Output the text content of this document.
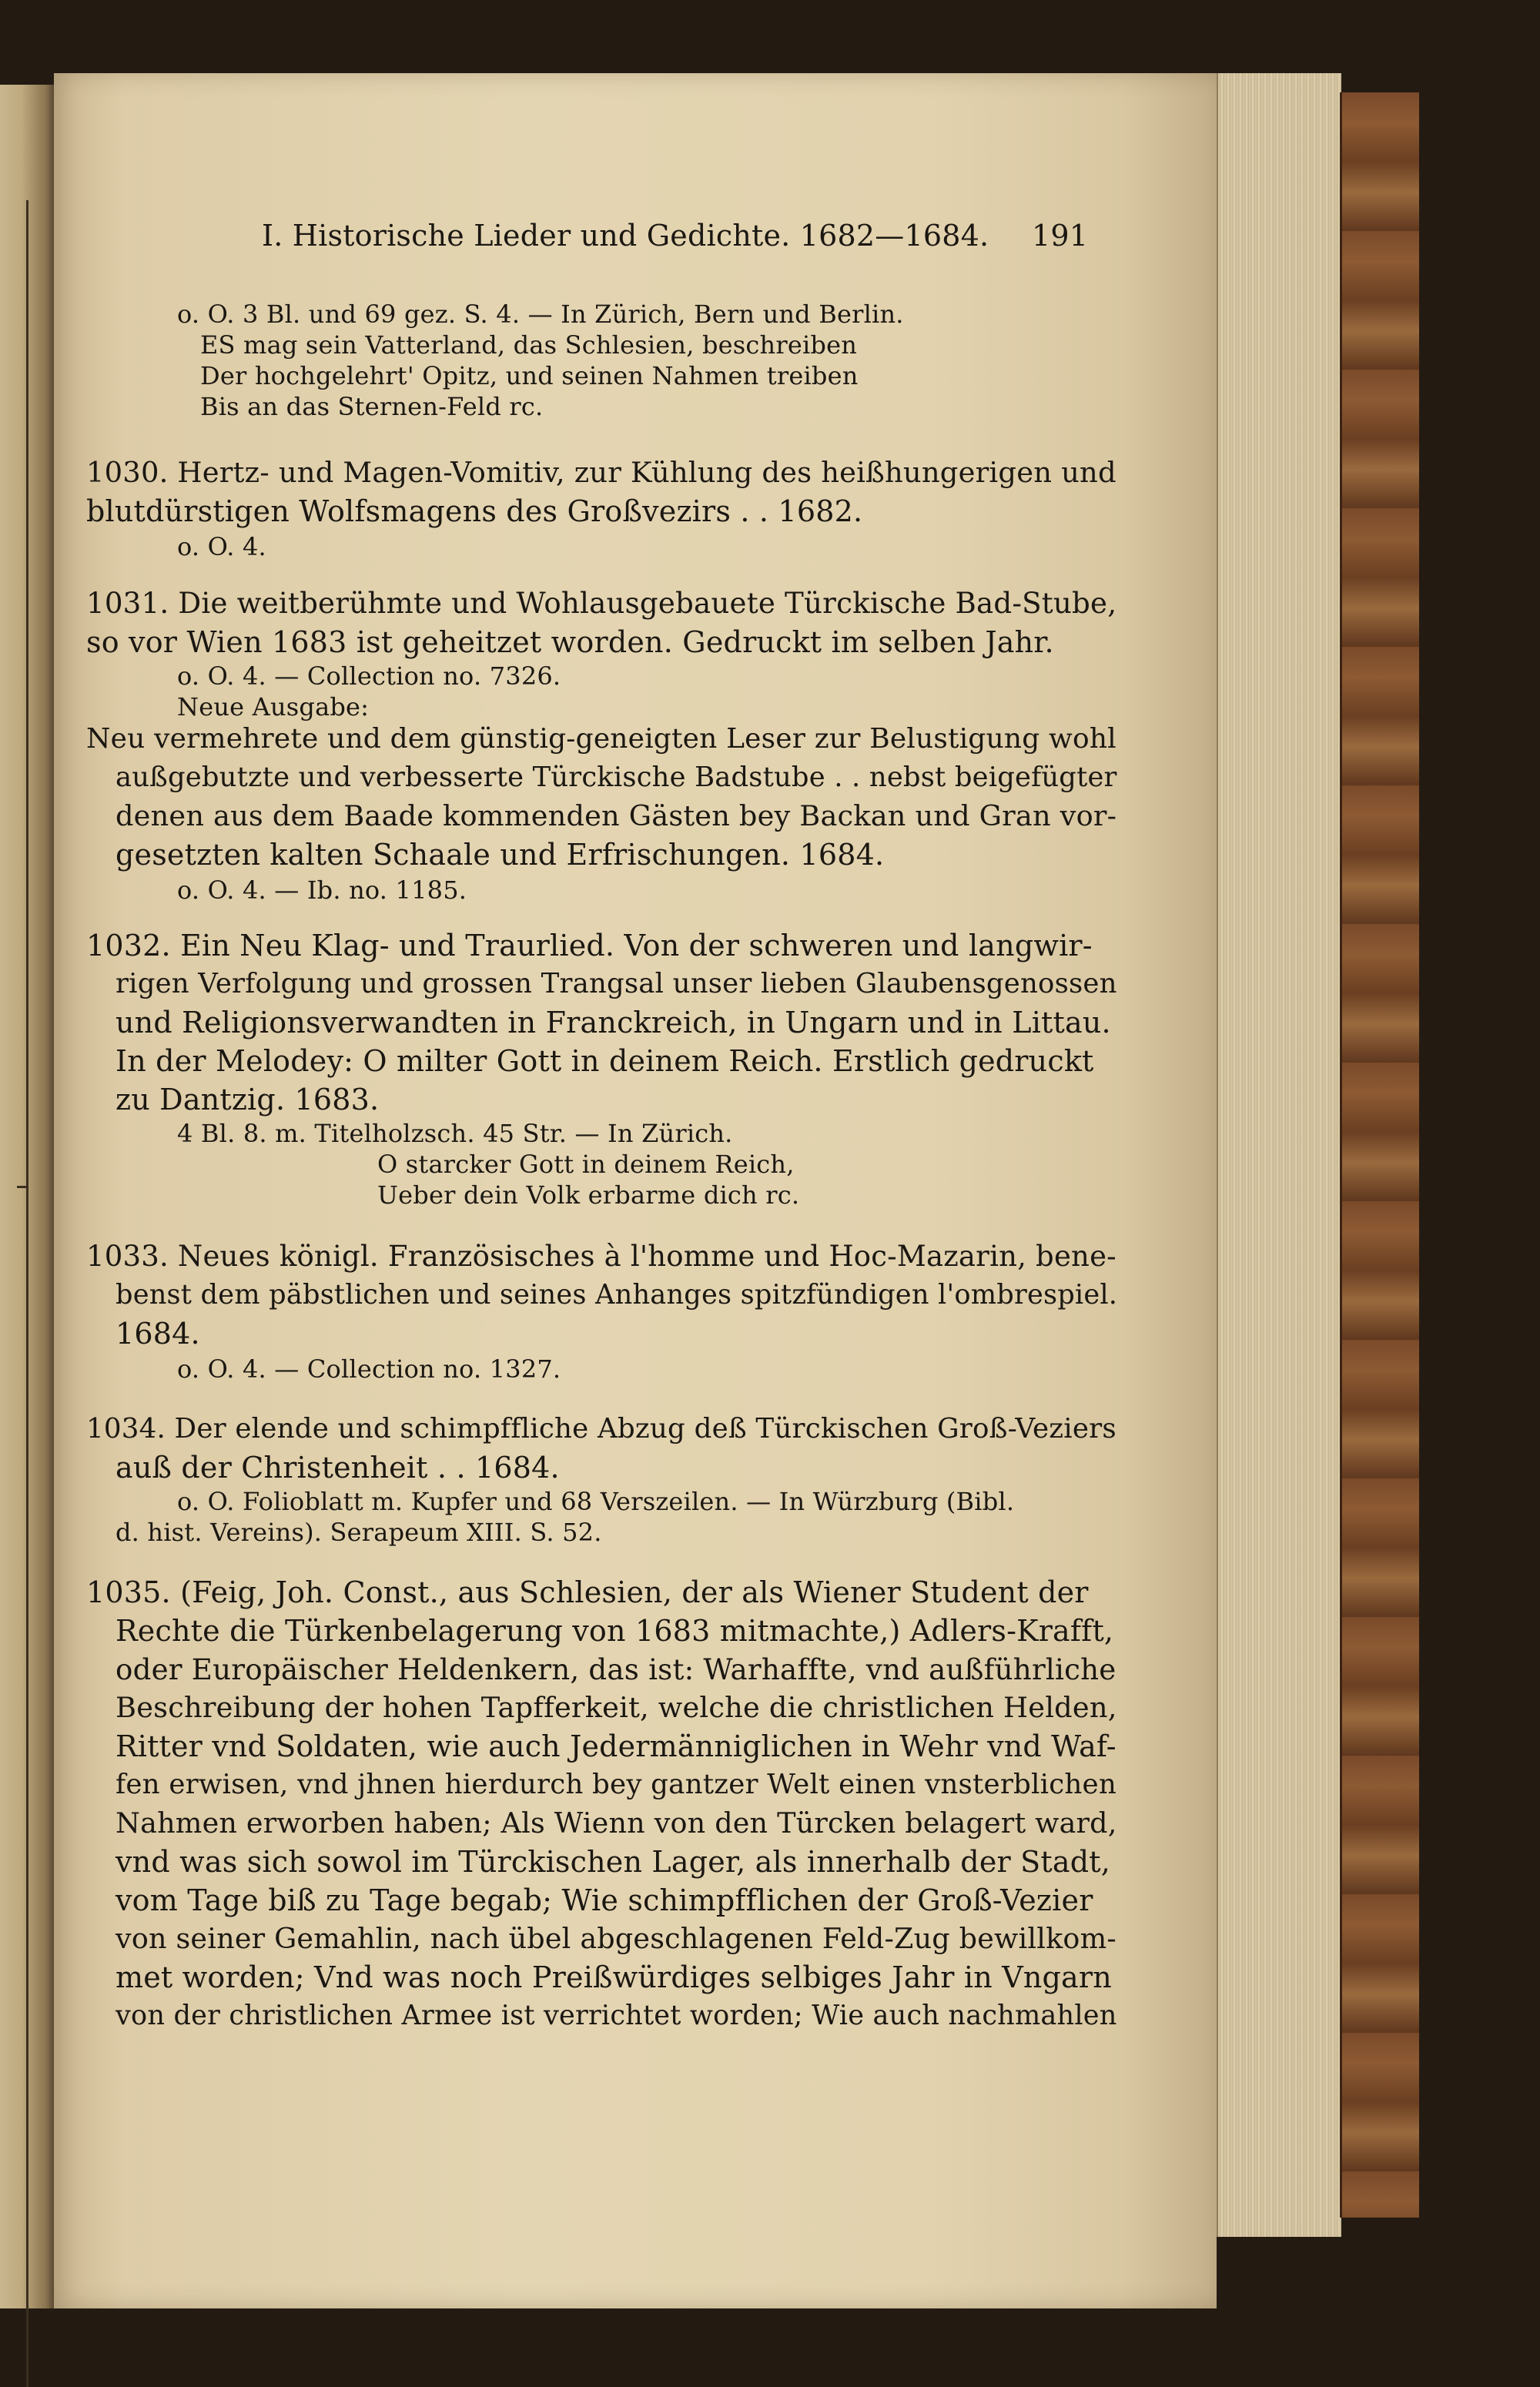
I. Historische Lieder und Gedichte. 1682—1684. 191

o. O. 3 Bl. und 69 gez. S. 4. — In Zürich, Bern und Berlin.

ES mag sein Vatterland, das Schlesien, beschreiben

Der hochgelehrt' Opitz, und seinen Nahmen treiben

Bis an das Sternen-Feld rc.

1030. Hertz- und Magen-Vomitiv, zur Kühlung des heißhungerigen und

blutdürstigen Wolfsmagens des Großvezirs . . 1682.

o. O. 4.

1031. Die weitberühmte und Wohlausgebauete Türckische Bad-Stube,

so vor Wien 1683 ist geheitzet worden. Gedruckt im selben Jahr.

o. O. 4. — Collection no. 7326.

Neue Ausgabe:

Neu vermehrete und dem günstig-geneigten Leser zur Belustigung wohl

außgebutzte und verbesserte Türckische Badstube . . nebst beigefügter

denen aus dem Baade kommenden Gästen bey Backan und Gran vor-

gesetzten kalten Schaale und Erfrischungen. 1684.

o. O. 4. — Ib. no. 1185.

1032. Ein Neu Klag- und Traurlied. Von der schweren und langwir-

rigen Verfolgung und grossen Trangsal unser lieben Glaubensgenossen

und Religionsverwandten in Franckreich, in Ungarn und in Littau.

In der Melodey: O milter Gott in deinem Reich. Erstlich gedruckt

zu Dantzig. 1683.

4 Bl. 8. m. Titelholzsch. 45 Str. — In Zürich.

O starcker Gott in deinem Reich,

Ueber dein Volk erbarme dich rc.

1033. Neues königl. Französisches à l'homme und Hoc-Mazarin, bene-

benst dem päbstlichen und seines Anhanges spitzfündigen l'ombrespiel.

1684.

o. O. 4. — Collection no. 1327.

1034. Der elende und schimpffliche Abzug deß Türckischen Groß-Veziers

auß der Christenheit . . 1684.

o. O. Folioblatt m. Kupfer und 68 Verszeilen. — In Würzburg (Bibl.

d. hist. Vereins). Serapeum XIII. S. 52.

1035. (Feig, Joh. Const., aus Schlesien, der als Wiener Student der

Rechte die Türkenbelagerung von 1683 mitmachte,) Adlers-Krafft,

oder Europäischer Heldenkern, das ist: Warhaffte, vnd außführliche

Beschreibung der hohen Tapfferkeit, welche die christlichen Helden,

Ritter vnd Soldaten, wie auch Jedermänniglichen in Wehr vnd Waf-

fen erwisen, vnd jhnen hierdurch bey gantzer Welt einen vnsterblichen

Nahmen erworben haben; Als Wienn von den Türcken belagert ward,

vnd was sich sowol im Türckischen Lager, als innerhalb der Stadt,

vom Tage biß zu Tage begab; Wie schimpfflichen der Groß-Vezier

von seiner Gemahlin, nach übel abgeschlagenen Feld-Zug bewillkom-

met worden; Vnd was noch Preißwürdiges selbiges Jahr in Vngarn

von der christlichen Armee ist verrichtet worden; Wie auch nachmahlen
